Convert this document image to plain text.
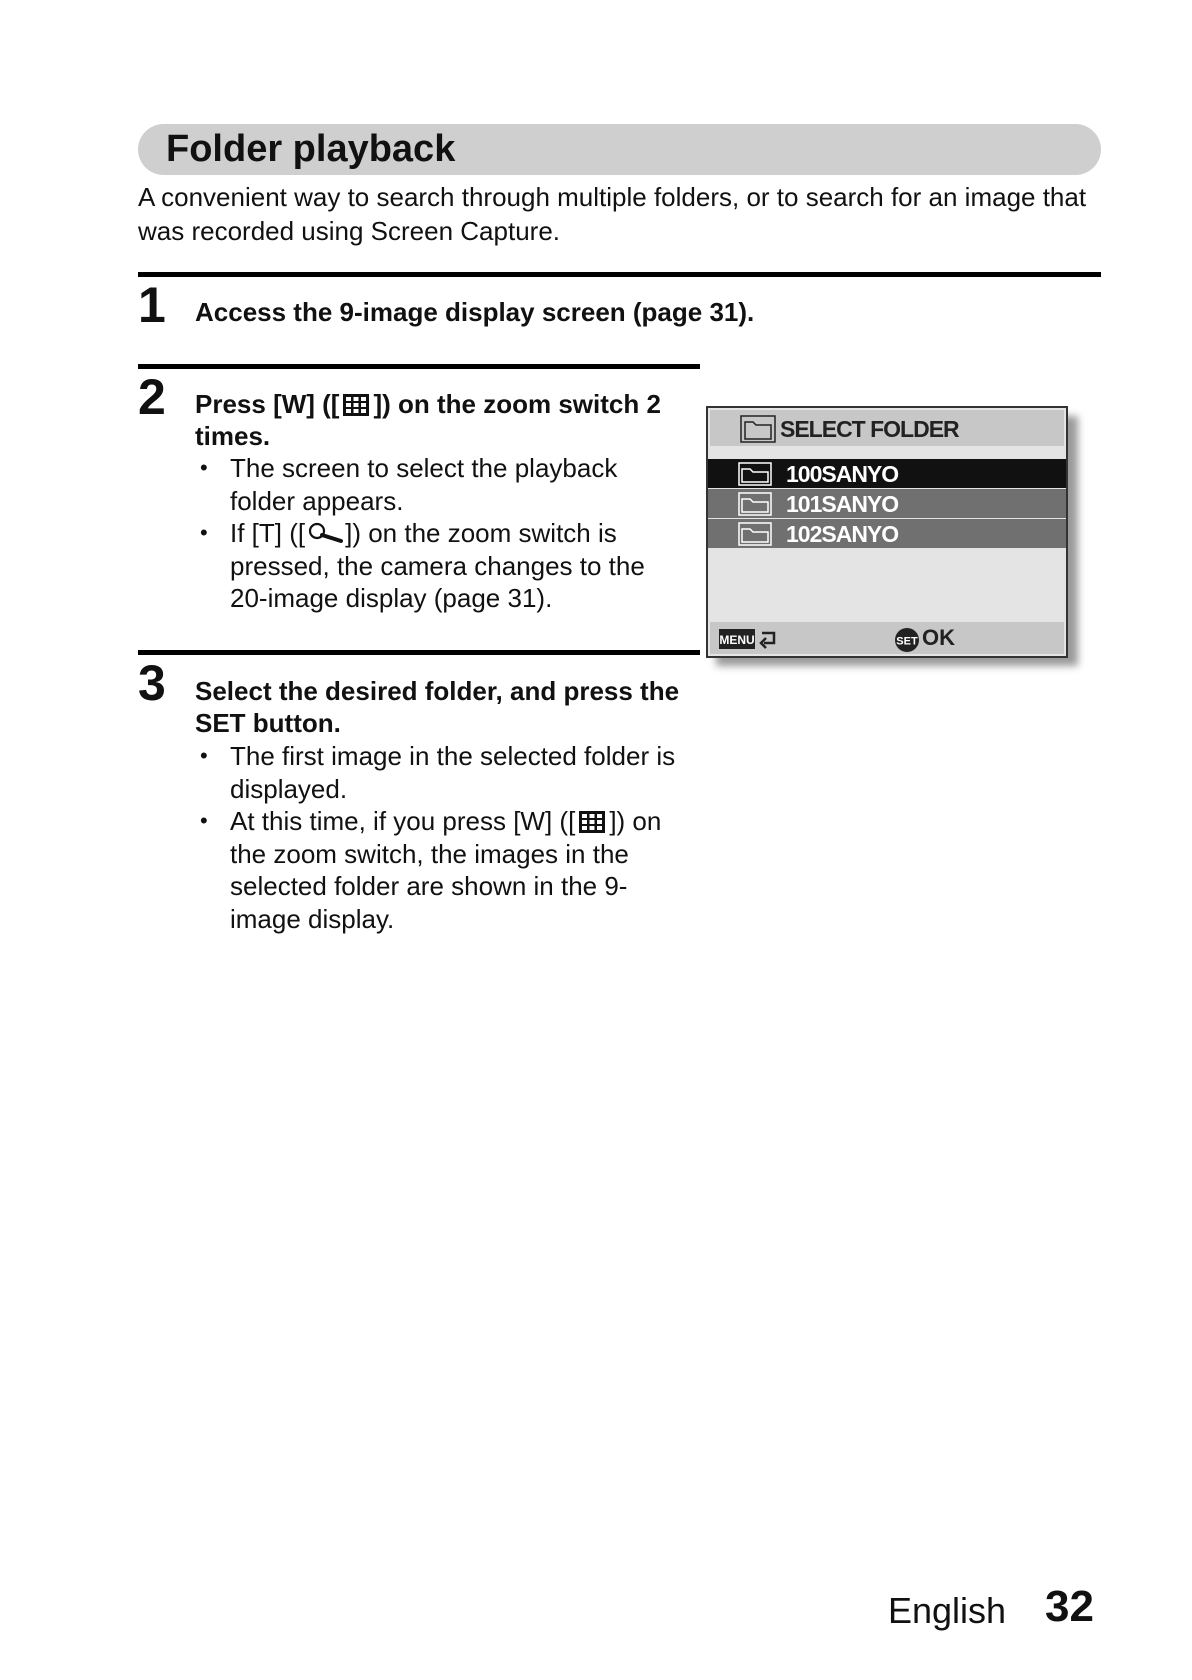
Folder playback
A convenient way to search through multiple folders, or to search for an image that was recorded using Screen Capture.
1 Access the 9-image display screen (page 31).
2 Press [W] ([ ]) on the zoom switch 2 times.
• The screen to select the playback folder appears.
• If [T] ([ ]) on the zoom switch is pressed, the camera changes to the 20-image display (page 31).
3 Select the desired folder, and press the SET button.
• The first image in the selected folder is displayed.
• At this time, if you press [W] ([ ]) on the zoom switch, the images in the selected folder are shown in the 9-image display.
SELECT FOLDER
100SANYO
101SANYO
102SANYO
MENU	SET OK
English 32
